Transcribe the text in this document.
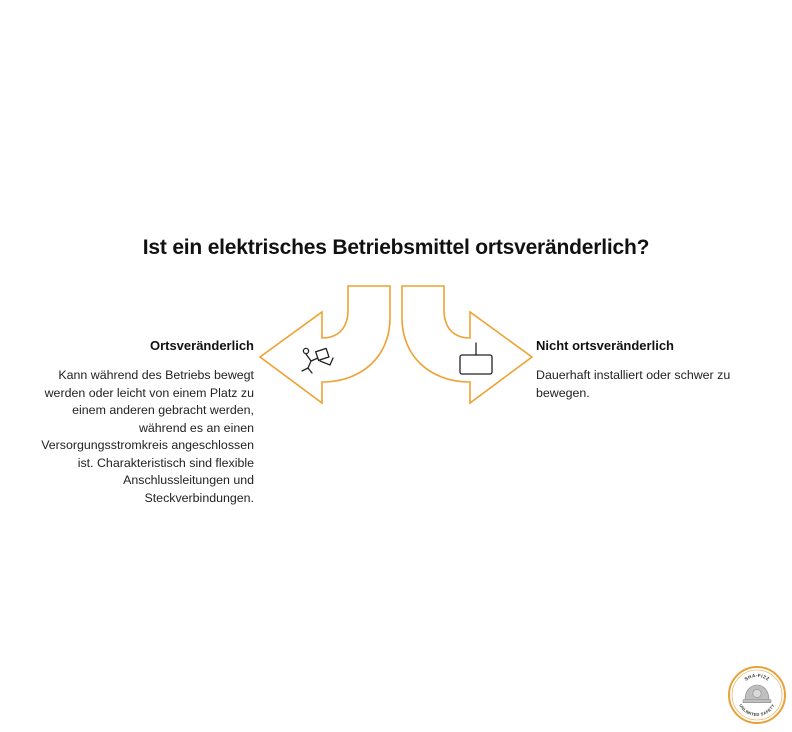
Ist ein elektrisches Betriebsmittel ortsveränderlich?
Ortsveränderlich

Kann während des Betriebs bewegt werden oder leicht von einem Platz zu einem anderen gebracht werden, während es an einen Versorgungsstromkreis angeschlossen ist. Charakteristisch sind flexible Anschlussleitungen und Steckverbindungen.

Nicht ortsveränderlich

Dauerhaft installiert oder schwer zu bewegen.

SHA-FIZZ
UNLIMITED SAFETY
